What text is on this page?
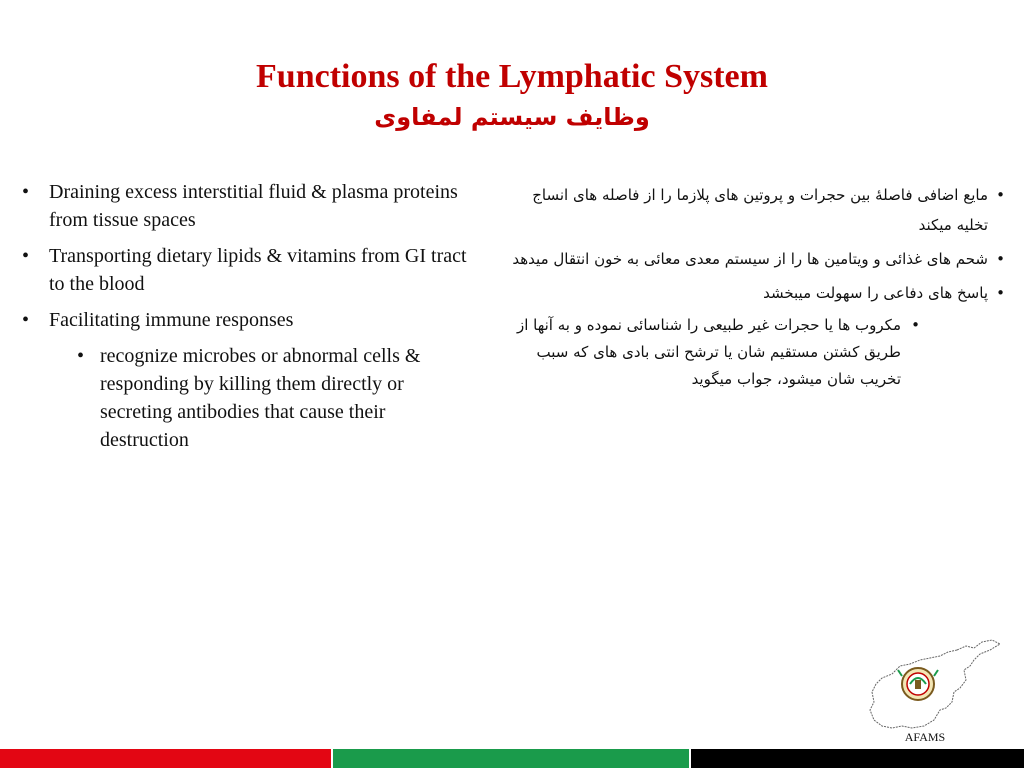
Functions of the Lymphatic System
وظایف سیستم لمفاوی
• Draining excess interstitial fluid & plasma proteins from tissue spaces
• Transporting dietary lipids & vitamins from GI tract to the blood
• Facilitating immune responses
• recognize microbes or abnormal cells & responding by killing them directly or secreting antibodies that cause their destruction
•
مایع اضافی فاصلهٔ بین حجرات و پروتین های پلازما را از فاصله های انساج تخلیه میکند
•
شحم های غذائی و ویتامین ها را از سیستم معدی معائی به خون انتقال میدهد
•
پاسخ های دفاعی را سهولت میبخشد
•
مکروب ها یا حجرات غیر طبیعی را شناسائی نموده و به آنها از طریق کشتن مستقیم شان یا ترشح انتی بادی های که سبب تخریب شان میشود، جواب میگوید
AFAMS
